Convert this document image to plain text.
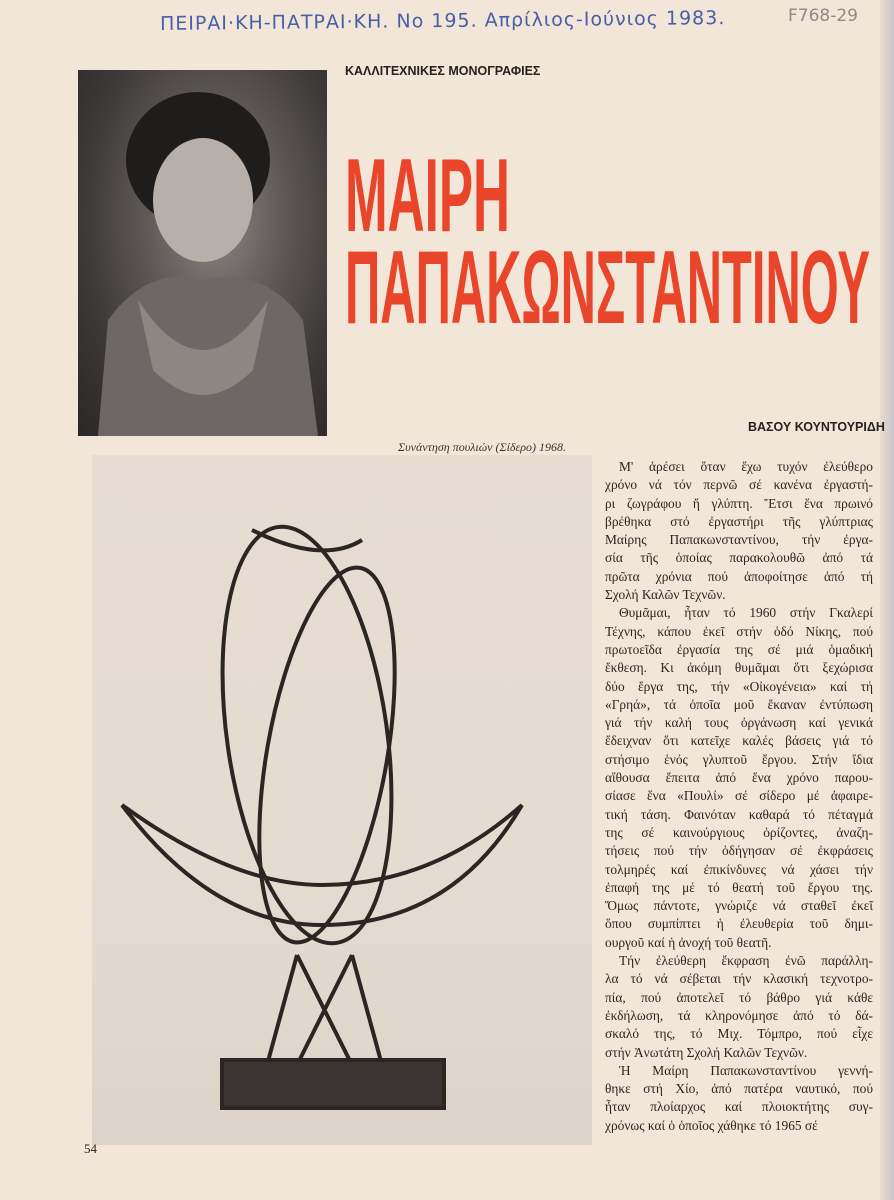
ΠΕΙΡΑΙ·ΚΗ-ΠΑΤΡΑΙ·ΚΗ. Νο 195. Απρίλιος-Ιούνιος 1983.	F768-29
ΚΑΛΛΙΤΕΧΝΙΚΕΣ ΜΟΝΟΓΡΑΦΙΕΣ
ΜΑΙΡΗ
ΠΑΠΑΚΩΝΣΤΑΝΤΙΝΟΥ
ΒΑΣΟΥ ΚΟΥΝΤΟΥΡΙΔΗ
Συνάντηση πουλιών (Σίδερο) 1968.
Μ' ἀρέσει ὅταν ἔχω τυχόν ἐλεύθερο
χρόνο νά τόν περνῶ σέ κανένα ἐργαστή-
ρι ζωγράφου ἤ γλύπτη. Ἔτσι ἕνα πρωινό
βρέθηκα στό ἐργαστήρι τῆς γλύπτριας
Μαίρης Παπακωνσταντίνου, τήν ἐργα-
σία τῆς ὁποίας παρακολουθῶ ἀπό τά
πρῶτα χρόνια πού ἀποφοίτησε ἀπό τή
Σχολή Καλῶν Τεχνῶν.
Θυμᾶμαι, ἦταν τό 1960 στήν Γκαλερί
Τέχνης, κάπου ἐκεῖ στήν ὁδό Νίκης, πού
πρωτοεῖδα ἐργασία της σέ μιά ὁμαδική
ἔκθεση. Κι ἀκόμη θυμᾶμαι ὅτι ξεχώρισα
δύο ἔργα της, τήν «Οἰκογένεια» καί τή
«Γρηά», τά ὁποῖα μοῦ ἔκαναν ἐντύπωση
γιά τήν καλή τους ὀργάνωση καί γενικά
ἔδειχναν ὅτι κατεῖχε καλές βάσεις γιά τό
στήσιμο ἑνός γλυπτοῦ ἔργου. Στήν ἴδια
αἴθουσα ἔπειτα ἀπό ἕνα χρόνο παρου-
σίασε ἕνα «Πουλί» σέ σίδερο μέ ἀφαιρε-
τική τάση. Φαινόταν καθαρά τό πέταγμά
της σέ καινούργιους ὁρίζοντες, ἀναζη-
τήσεις πού τήν ὁδήγησαν σέ ἐκφράσεις
τολμηρές καί ἐπικίνδυνες νά χάσει τήν
ἐπαφή της μέ τό θεατή τοῦ ἔργου της.
Ὅμως πάντοτε, γνώριζε νά σταθεῖ ἐκεῖ
ὅπου συμπίπτει ἡ ἐλευθερία τοῦ δημι-
ουργοῦ καί ἡ ἀνοχή τοῦ θεατῆ.
Τήν ἐλεύθερη ἔκφραση ἐνῶ παράλλη-
λα τό νά σέβεται τήν κλασική τεχνοτρο-
πία, πού ἀποτελεῖ τό βάθρο γιά κάθε
ἐκδήλωση, τά κληρονόμησε ἀπό τό δά-
σκαλό της, τό Μιχ. Τόμπρο, πού εἶχε
στήν Ἀνωτάτη Σχολή Καλῶν Τεχνῶν.
Ἡ Μαίρη Παπακωνσταντίνου γεννή-
θηκε στή Χίο, ἀπό πατέρα ναυτικό, πού
ἦταν πλοίαρχος καί πλοιοκτήτης συγ-
χρόνως καί ὁ ὁποῖος χάθηκε τό 1965 σέ
54
